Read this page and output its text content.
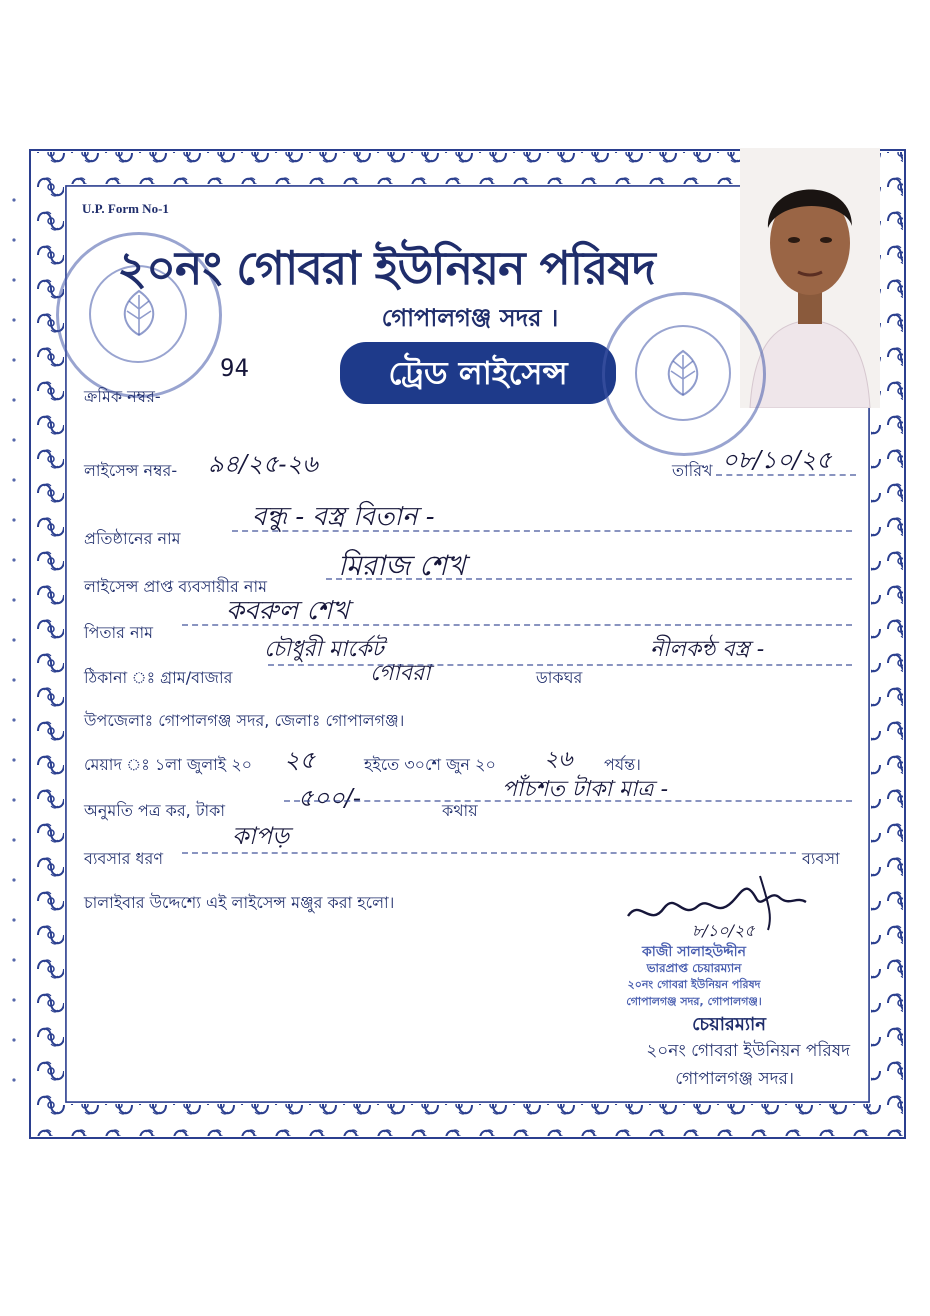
U.P. Form No-1
২০নং গোবরা ইউনিয়ন পরিষদ
গোপালগঞ্জ সদর ।
ট্রেড লাইসেন্স
ক্রমিক নম্বর-
94
লাইসেন্স নম্বর- ৯৪/২৫-২৬	তারিখ ০৮/১০/২৫
প্রতিষ্ঠানের নাম
বন্ধু - বস্ত্র বিতান -
লাইসেন্স প্রাপ্ত ব্যবসায়ীর নাম
মিরাজ শেখ
পিতার নাম
কবরুল শেখ
ঠিকানা ঃ গ্রাম/বাজার
চৌধুরী মার্কেট
গোবরা	ডাকঘর
নীলকন্ঠ বস্ত্র -
উপজেলাঃ গোপালগঞ্জ সদর, জেলাঃ গোপালগঞ্জ।
মেয়াদ ঃ ১লা জুলাই ২০ ২৫	হইতে ৩০শে জুন ২০ ২৬ পর্যন্ত।
অনুমতি পত্র কর, টাকা	৫০০/-	কথায়
পাঁচশত টাকা মাত্র -
ব্যবসার ধরণ
কাপড়
ব্যবসা
চালাইবার উদ্দেশ্যে এই লাইসেন্স মঞ্জুর করা হলো।
৮/১০/২৫
কাজী সালাহউদ্দীন
ভারপ্রাপ্ত চেয়ারম্যান
২০নং গোবরা ইউনিয়ন পরিষদ
গোপালগঞ্জ সদর, গোপালগঞ্জ।
চেয়ারম্যান
২০নং গোবরা ইউনিয়ন পরিষদ
গোপালগঞ্জ সদর।
